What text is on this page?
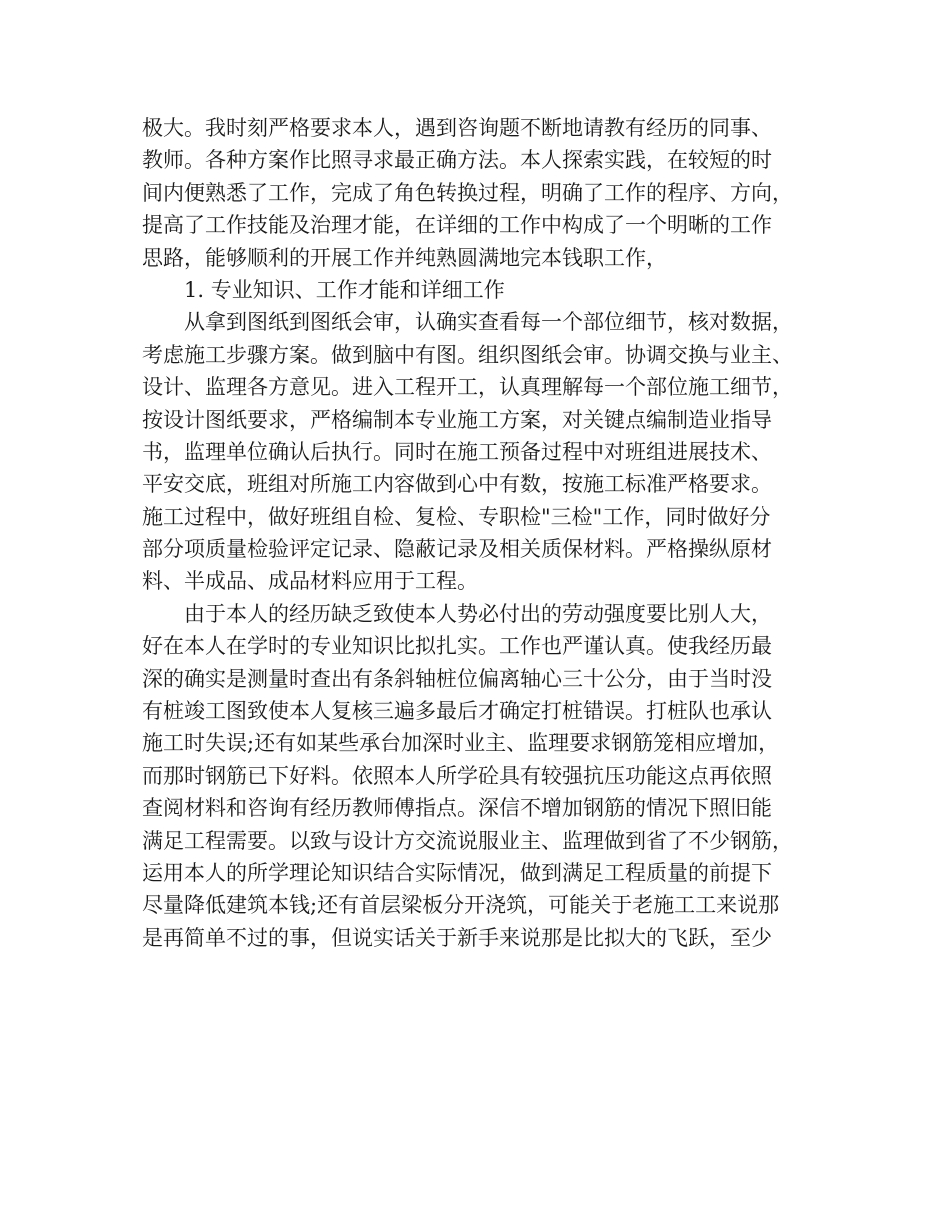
极大。我时刻严格要求本人，遇到咨询题不断地请教有经历的同事、
教师。各种方案作比照寻求最正确方法。本人探索实践，在较短的时
间内便熟悉了工作，完成了角色转换过程，明确了工作的程序、方向，
提高了工作技能及治理才能，在详细的工作中构成了一个明晰的工作
思路，能够顺利的开展工作并纯熟圆满地完本钱职工作，
1. 专业知识、工作才能和详细工作
从拿到图纸到图纸会审，认确实查看每一个部位细节，核对数据，
考虑施工步骤方案。做到脑中有图。组织图纸会审。协调交换与业主、
设计、监理各方意见。进入工程开工，认真理解每一个部位施工细节，
按设计图纸要求，严格编制本专业施工方案，对关键点编制造业指导
书，监理单位确认后执行。同时在施工预备过程中对班组进展技术、
平安交底，班组对所施工内容做到心中有数，按施工标准严格要求。
施工过程中，做好班组自检、复检、专职检"三检"工作，同时做好分
部分项质量检验评定记录、隐蔽记录及相关质保材料。严格操纵原材
料、半成品、成品材料应用于工程。
由于本人的经历缺乏致使本人势必付出的劳动强度要比别人大，
好在本人在学时的专业知识比拟扎实。工作也严谨认真。使我经历最
深的确实是测量时查出有条斜轴桩位偏离轴心三十公分，由于当时没
有桩竣工图致使本人复核三遍多最后才确定打桩错误。打桩队也承认
施工时失误;还有如某些承台加深时业主、监理要求钢筋笼相应增加，
而那时钢筋已下好料。依照本人所学砼具有较强抗压功能这点再依照
查阅材料和咨询有经历教师傅指点。深信不增加钢筋的情况下照旧能
满足工程需要。以致与设计方交流说服业主、监理做到省了不少钢筋，
运用本人的所学理论知识结合实际情况，做到满足工程质量的前提下
尽量降低建筑本钱;还有首层梁板分开浇筑，可能关于老施工工来说那
是再简单不过的事，但说实话关于新手来说那是比拟大的飞跃，至少
